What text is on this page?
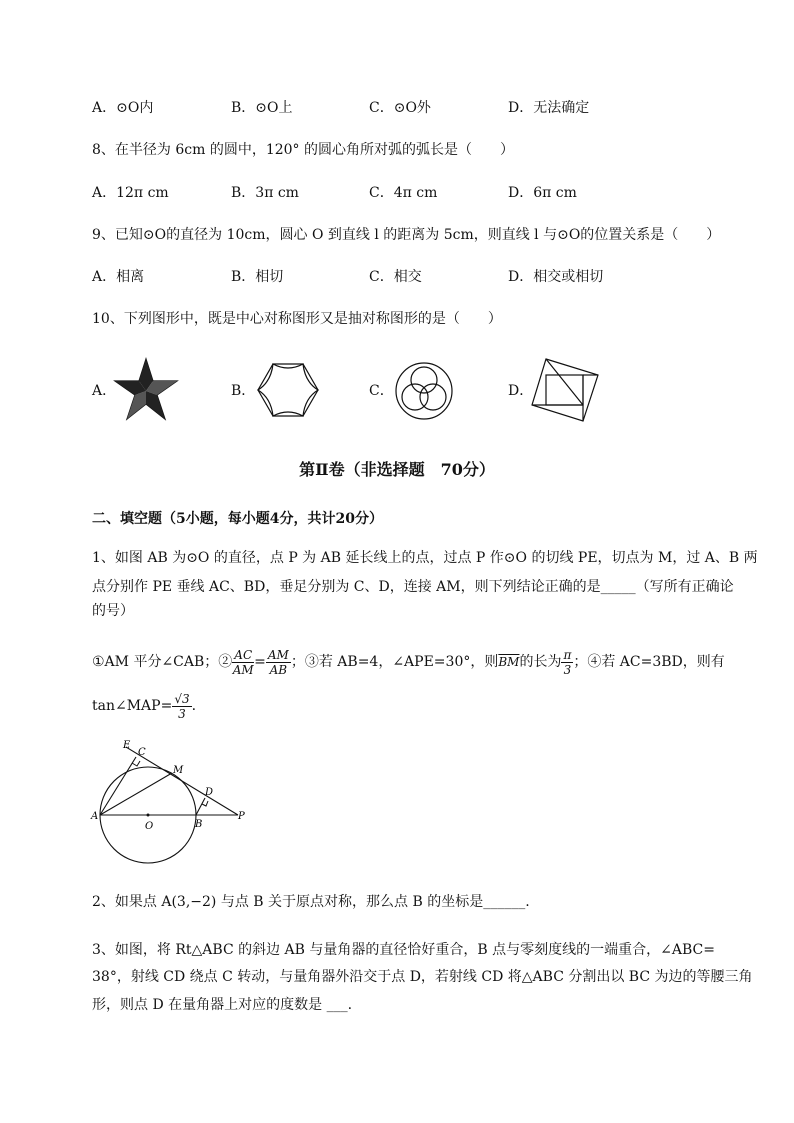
A．⊙O内	B．⊙O上	C．⊙O外	D．无法确定
8、在半径为 6cm 的圆中，120° 的圆心角所对弧的弧长是（　　）
A．12π cm	B．3π cm	C．4π cm	D．6π cm
9、已知⊙O的直径为 10cm，圆心 O 到直线 l 的距离为 5cm，则直线 l 与⊙O的位置关系是（　　）
A．相离	B．相切	C．相交	D．相交或相切
10、下列图形中，既是中心对称图形又是抽对称图形的是（　　）
A．	B．	C．	D．
第Ⅱ卷（非选择题　70分）
二、填空题（5小题，每小题4分，共计20分）
1、如图 AB 为⊙O 的直径，点 P 为 AB 延长线上的点，过点 P 作⊙O 的切线 PE，切点为 M，过 A、B 两
点分别作 PE 垂线 AC、BD，垂足分别为 C、D，连接 AM，则下列结论正确的是_____（写所有正确论
的号）
①AM 平分∠CAB；② $\frac{AC}{AM} = \frac{AM}{AB}$ ；③若 AB=4，∠APE=30°，则$\overline{BM}$的长为 $\frac{\pi}{3}$ ；④若 AC=3BD，则有
tan∠MAP= $\frac{√3}{3}$ .
E
C
M
D
A
O	B
P
2、如果点 A(3,−2) 与点 B 关于原点对称，那么点 B 的坐标是______.
3、如图，将 Rt△ABC 的斜边 AB 与量角器的直径恰好重合，B 点与零刻度线的一端重合，∠ABC=
38°，射线 CD 绕点 C 转动，与量角器外沿交于点 D，若射线 CD 将△ABC 分割出以 BC 为边的等腰三角
形，则点 D 在量角器上对应的度数是 ___.
